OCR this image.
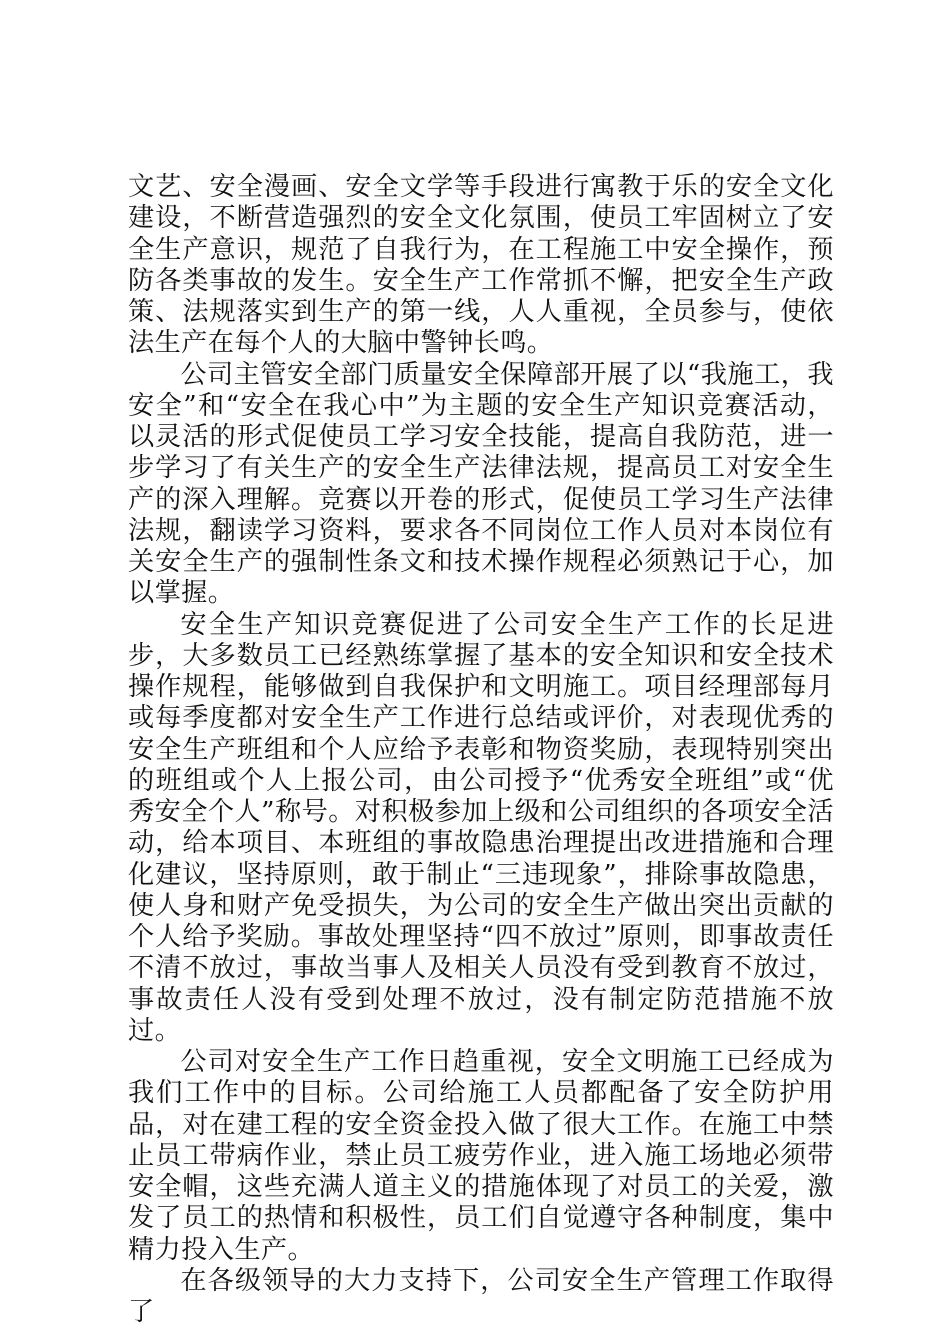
文艺、安全漫画、安全文学等手段进行寓教于乐的安全文化建设，不断营造强烈的安全文化氛围，使员工牢固树立了安全生产意识，规范了自我行为，在工程施工中安全操作，预防各类事故的发生。安全生产工作常抓不懈，把安全生产政策、法规落实到生产的第一线，人人重视，全员参与，使依法生产在每个人的大脑中警钟长鸣。

公司主管安全部门质量安全保障部开展了以“我施工，我安全”和“安全在我心中”为主题的安全生产知识竞赛活动，以灵活的形式促使员工学习安全技能，提高自我防范，进一步学习了有关生产的安全生产法律法规，提高员工对安全生产的深入理解。竞赛以开卷的形式，促使员工学习生产法律法规，翻读学习资料，要求各不同岗位工作人员对本岗位有关安全生产的强制性条文和技术操作规程必须熟记于心，加以掌握。

安全生产知识竞赛促进了公司安全生产工作的长足进步，大多数员工已经熟练掌握了基本的安全知识和安全技术操作规程，能够做到自我保护和文明施工。项目经理部每月或每季度都对安全生产工作进行总结或评价，对表现优秀的安全生产班组和个人应给予表彰和物资奖励，表现特别突出的班组或个人上报公司，由公司授予“优秀安全班组”或“优秀安全个人”称号。对积极参加上级和公司组织的各项安全活动，给本项目、本班组的事故隐患治理提出改进措施和合理化建议，坚持原则，敢于制止“三违现象”，排除事故隐患，使人身和财产免受损失，为公司的安全生产做出突出贡献的个人给予奖励。事故处理坚持“四不放过”原则，即事故责任不清不放过，事故当事人及相关人员没有受到教育不放过，事故责任人没有受到处理不放过，没有制定防范措施不放过。

公司对安全生产工作日趋重视，安全文明施工已经成为我们工作中的目标。公司给施工人员都配备了安全防护用品，对在建工程的安全资金投入做了很大工作。在施工中禁止员工带病作业，禁止员工疲劳作业，进入施工场地必须带安全帽，这些充满人道主义的措施体现了对员工的关爱，激发了员工的热情和积极性，员工们自觉遵守各种制度，集中精力投入生产。

在各级领导的大力支持下，公司安全生产管理工作取得了
